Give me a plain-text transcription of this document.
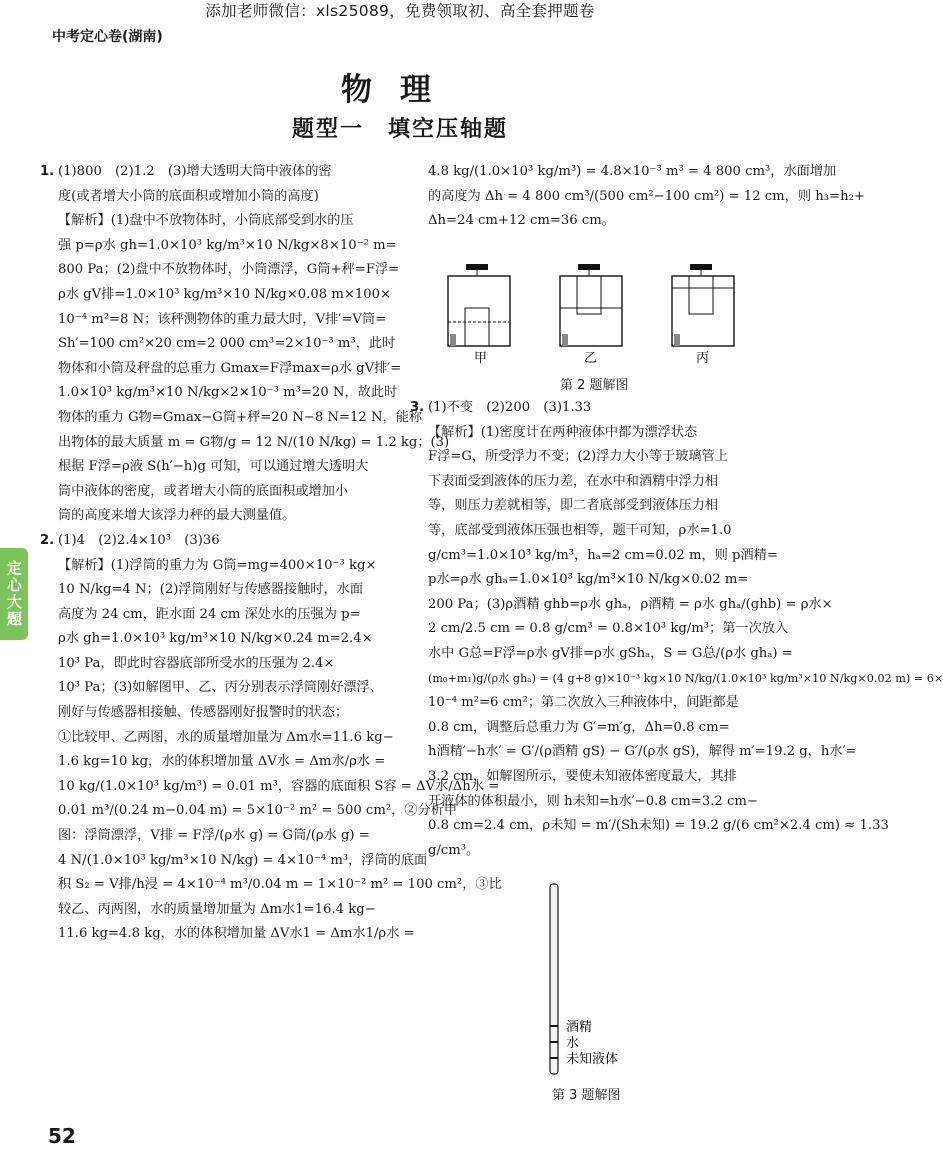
添加老师微信：xls25089，免费领取初、高全套押题卷
中考定心卷(湖南)
物理
题型一　填空压轴题
定心大题

1. (1)800　(2)1.2　(3)增大透明大筒中液体的密

度(或者增大小筒的底面积或增加小筒的高度)

【解析】(1)盘中不放物体时，小筒底部受到水的压

强 p=ρ水 gh=1.0×10³ kg/m³×10 N/kg×8×10⁻² m=

800 Pa；(2)盘中不放物体时，小筒漂浮，G筒+秤=F浮=

ρ水 gV排=1.0×10³ kg/m³×10 N/kg×0.08 m×100×

10⁻⁴ m²=8 N；该秤测物体的重力最大时，V排′=V筒=

Sh′=100 cm²×20 cm=2 000 cm³=2×10⁻³ m³，此时

物体和小筒及秤盘的总重力 Gmax=F浮max=ρ水 gV排′=

1.0×10³ kg/m³×10 N/kg×2×10⁻³ m³=20 N，故此时

物体的重力 G物=Gmax−G筒+秤=20 N−8 N=12 N，能称

出物体的最大质量 m = G物/g = 12 N/(10 N/kg) = 1.2 kg；(3)

根据 F浮=ρ液 S(h′−h)g 可知，可以通过增大透明大

筒中液体的密度，或者增大小筒的底面积或增加小

筒的高度来增大该浮力秤的最大测量值。

2. (1)4　(2)2.4×10³　(3)36

【解析】(1)浮筒的重力为 G筒=mg=400×10⁻³ kg×

10 N/kg=4 N；(2)浮筒刚好与传感器接触时，水面

高度为 24 cm，距水面 24 cm 深处水的压强为 p=

ρ水 gh=1.0×10³ kg/m³×10 N/kg×0.24 m=2.4×

10³ Pa，即此时容器底部所受水的压强为 2.4×

10³ Pa；(3)如解图甲、乙、丙分别表示浮筒刚好漂浮、

刚好与传感器相接触、传感器刚好报警时的状态；

①比较甲、乙两图，水的质量增加量为 Δm水=11.6 kg−

1.6 kg=10 kg，水的体积增加量 ΔV水 = Δm水/ρ水 =

10 kg/(1.0×10³ kg/m³) = 0.01 m³，容器的底面积 S容 = ΔV水/Δh水 =

0.01 m³/(0.24 m−0.04 m) = 5×10⁻² m² = 500 cm²，②分析甲

图：浮筒漂浮，V排 = F浮/(ρ水 g) = G筒/(ρ水 g) =

4 N/(1.0×10³ kg/m³×10 N/kg) = 4×10⁻⁴ m³，浮筒的底面

积 S₂ = V排/h浸 = 4×10⁻⁴ m³/0.04 m = 1×10⁻² m² = 100 cm²，③比

较乙、丙两图，水的质量增加量为 Δm水1=16.4 kg−

11.6 kg=4.8 kg，水的体积增加量 ΔV水1 = Δm水1/ρ水 =

4.8 kg/(1.0×10³ kg/m³) = 4.8×10⁻³ m³ = 4 800 cm³，水面增加

的高度为 Δh = 4 800 cm³/(500 cm²−100 cm²) = 12 cm，则 h₃=h₂+

Δh=24 cm+12 cm=36 cm。

甲	乙	丙
第 2 题解图

3. (1)不变　(2)200　(3)1.33

【解析】(1)密度计在两种液体中都为漂浮状态

F浮=G，所受浮力不变；(2)浮力大小等于玻璃管上

下表面受到液体的压力差，在水中和酒精中浮力相

等，则压力差就相等，即二者底部受到液体压力相

等，底部受到液体压强也相等，题干可知，ρ水=1.0

g/cm³=1.0×10³ kg/m³，hₐ=2 cm=0.02 m，则 p酒精=

p水=ρ水 ghₐ=1.0×10³ kg/m³×10 N/kg×0.02 m=

200 Pa；(3)ρ酒精 ghb=ρ水 ghₐ，ρ酒精 = ρ水 ghₐ/(ghb) = ρ水×

2 cm/2.5 cm = 0.8 g/cm³ = 0.8×10³ kg/m³；第一次放入

水中 G总=F浮=ρ水 gV排=ρ水 gShₐ，S = G总/(ρ水 ghₐ) =

(m₀+m₁)g/(ρ水 ghₐ) = (4 g+8 g)×10⁻³ kg×10 N/kg/(1.0×10³ kg/m³×10 N/kg×0.02 m) = 6×

10⁻⁴ m²=6 cm²；第二次放入三种液体中，间距都是

0.8 cm，调整后总重力为 G′=m′g，Δh=0.8 cm=

h酒精′−h水′ = G′/(ρ酒精 gS) − G′/(ρ水 gS)，解得 m′=19.2 g，h水′=

3.2 cm，如解图所示，要使未知液体密度最大，其排

开液体的体积最小，则 h未知=h水′−0.8 cm=3.2 cm−

0.8 cm=2.4 cm，ρ未知 = m′/(Sh未知) = 19.2 g/(6 cm²×2.4 cm) ≈ 1.33

g/cm³。

酒精
水
未知液体
第 3 题解图
52
